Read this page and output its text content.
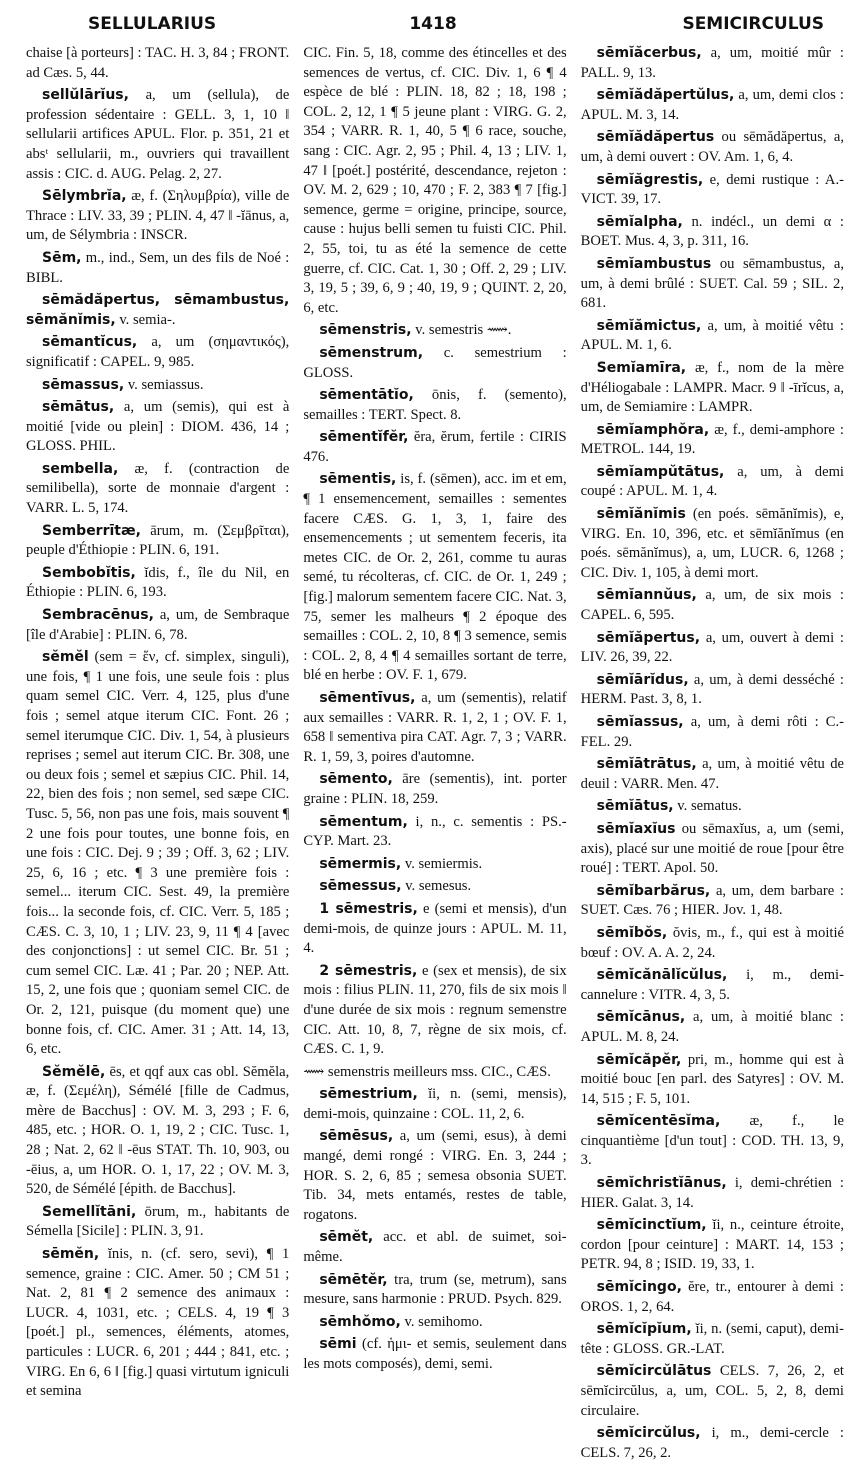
SELLULARIUS	1418	SEMICIRCULUS

chaise [à porteurs] : TAC. H. 3, 84 ; FRONT. ad Cæs. 5, 44.

sellŭlārĭus, a, um (sellula), de profession sédentaire : GELL. 3, 1, 10 ‖ sellularii artifices APUL. Flor. p. 351, 21 et absᵗ sellularii, m., ouvriers qui travaillent assis : CIC. d. AUG. Pelag. 2, 27.

Sēlymbrĭa, æ, f. (Σηλυμβρία), ville de Thrace : LIV. 33, 39 ; PLIN. 4, 47 ‖ -ĭānus, a, um, de Sélymbria : INSCR.

Sēm, m., ind., Sem, un des fils de Noé : BIBL.

sēmădăpertus, sēmambustus, sēmănĭmis, v. semia-.

sēmantĭcus, a, um (σημαντικός), significatif : CAPEL. 9, 985.

sēmassus, v. semiassus.

sēmātus, a, um (semis), qui est à moitié [vide ou plein] : DIOM. 436, 14 ; GLOSS. PHIL.

sembella, æ, f. (contraction de semilibella), sorte de monnaie d'argent : VARR. L. 5, 174.

Semberrītæ, ārum, m. (Σεμβρῖται), peuple d'Éthiopie : PLIN. 6, 191.

Sembobĭtis, ĭdis, f., île du Nil, en Éthiopie : PLIN. 6, 193.

Sembracēnus, a, um, de Sembraque [île d'Arabie] : PLIN. 6, 78.

sĕmĕl (sem = ἕν, cf. simplex, singuli), une fois, ¶ 1 une fois, une seule fois : plus quam semel CIC. Verr. 4, 125, plus d'une fois ; semel atque iterum CIC. Font. 26 ; semel iterumque CIC. Div. 1, 54, à plusieurs reprises ; semel aut iterum CIC. Br. 308, une ou deux fois ; semel et sæpius CIC. Phil. 14, 22, bien des fois ; non semel, sed sæpe CIC. Tusc. 5, 56, non pas une fois, mais souvent ¶ 2 une fois pour toutes, une bonne fois, en une fois : CIC. Dej. 9 ; 39 ; Off. 3, 62 ; LIV. 25, 6, 16 ; etc. ¶ 3 une première fois : semel... iterum CIC. Sest. 49, la première fois... la seconde fois, cf. CIC. Verr. 5, 185 ; CÆS. C. 3, 10, 1 ; LIV. 23, 9, 11 ¶ 4 [avec des conjonctions] : ut semel CIC. Br. 51 ; cum semel CIC. Læ. 41 ; Par. 20 ; NEP. Att. 15, 2, une fois que ; quoniam semel CIC. de Or. 2, 121, puisque (du moment que) une bonne fois, cf. CIC. Amer. 31 ; Att. 14, 13, 6, etc.

Sĕmĕlē, ēs, et qqf aux cas obl. Sĕmĕla, æ, f. (Σεμέλη), Sémélé [fille de Cadmus, mère de Bacchus] : OV. M. 3, 293 ; F. 6, 485, etc. ; HOR. O. 1, 19, 2 ; CIC. Tusc. 1, 28 ; Nat. 2, 62 ‖ -ēus STAT. Th. 10, 903, ou -ēius, a, um HOR. O. 1, 17, 22 ; OV. M. 3, 520, de Sémélé [épith. de Bacchus].

Semellĭtāni, ōrum, m., habitants de Sémella [Sicile] : PLIN. 3, 91.

sēmĕn, ĭnis, n. (cf. sero, sevi), ¶ 1 semence, graine : CIC. Amer. 50 ; CM 51 ; Nat. 2, 81 ¶ 2 semence des animaux : LUCR. 4, 1031, etc. ; CELS. 4, 19 ¶ 3 [poét.] pl., semences, éléments, atomes, particules : LUCR. 6, 201 ; 444 ; 841, etc. ; VIRG. En 6, 6 ‖ [fig.] quasi virtutum igniculi et semina

CIC. Fin. 5, 18, comme des étincelles et des semences de vertus, cf. CIC. Div. 1, 6 ¶ 4 espèce de blé : PLIN. 18, 82 ; 18, 198 ; COL. 2, 12, 1 ¶ 5 jeune plant : VIRG. G. 2, 354 ; VARR. R. 1, 40, 5 ¶ 6 race, souche, sang : CIC. Agr. 2, 95 ; Phil. 4, 13 ; LIV. 1, 47 ‖ [poét.] postérité, descendance, rejeton : OV. M. 2, 629 ; 10, 470 ; F. 2, 383 ¶ 7 [fig.] semence, germe = origine, principe, source, cause : hujus belli semen tu fuisti CIC. Phil. 2, 55, toi, tu as été la semence de cette guerre, cf. CIC. Cat. 1, 30 ; Off. 2, 29 ; LIV. 3, 19, 5 ; 39, 6, 9 ; 40, 19, 9 ; QUINT. 2, 20, 6, etc.

sēmenstris, v. semestris ⟿.

sēmenstrum, c. semestrium : GLOSS.

sēmentātĭo, ōnis, f. (semento), semailles : TERT. Spect. 8.

sēmentĭfĕr, ĕra, ĕrum, fertile : CIRIS 476.

sēmentis, is, f. (sēmen), acc. im et em, ¶ 1 ensemencement, semailles : sementes facere CÆS. G. 1, 3, 1, faire des ensemencements ; ut sementem feceris, ita metes CIC. de Or. 2, 261, comme tu auras semé, tu récolteras, cf. CIC. de Or. 1, 249 ; [fig.] malorum sementem facere CIC. Nat. 3, 75, semer les malheurs ¶ 2 époque des semailles : COL. 2, 10, 8 ¶ 3 semence, semis : COL. 2, 8, 4 ¶ 4 semailles sortant de terre, blé en herbe : OV. F. 1, 679.

sēmentīvus, a, um (sementis), relatif aux semailles : VARR. R. 1, 2, 1 ; OV. F. 1, 658 ‖ sementiva pira CAT. Agr. 7, 3 ; VARR. R. 1, 59, 3, poires d'automne.

sēmento, āre (sementis), int. porter graine : PLIN. 18, 259.

sēmentum, i, n., c. sementis : PS.-CYP. Mart. 23.

sēmermis, v. semiermis.

sēmessus, v. semesus.

1 sēmestris, e (semi et mensis), d'un demi-mois, de quinze jours : APUL. M. 11, 4.

2 sēmestris, e (sex et mensis), de six mois : filius PLIN. 11, 270, fils de six mois ‖ d'une durée de six mois : regnum semenstre CIC. Att. 10, 8, 7, règne de six mois, cf. CÆS. C. 1, 9.

⟿ semenstris meilleurs mss. CIC., CÆS.

sēmestrium, ĭi, n. (semi, mensis), demi-mois, quinzaine : COL. 11, 2, 6.

sēmēsus, a, um (semi, esus), à demi mangé, demi rongé : VIRG. En. 3, 244 ; HOR. S. 2, 6, 85 ; semesa obsonia SUET. Tib. 34, mets entamés, restes de table, rogatons.

sēmĕt, acc. et abl. de suimet, soi-même.

sēmētĕr, tra, trum (se, metrum), sans mesure, sans harmonie : PRUD. Psych. 829.

sēmhŏmo, v. semihomo.

sēmi (cf. ἡμι- et semis, seulement dans les mots composés), demi, semi.

sēmĭăcerbus, a, um, moitié mûr : PALL. 9, 13.

sēmĭădăpertŭlus, a, um, demi clos : APUL. M. 3, 14.

sēmĭădăpertus ou sēmădăpertus, a, um, à demi ouvert : OV. Am. 1, 6, 4.

sēmĭăgrestis, e, demi rustique : A.-VICT. 39, 17.

sēmĭalpha, n. indécl., un demi α : BOET. Mus. 4, 3, p. 311, 16.

sēmĭambustus ou sēmambustus, a, um, à demi brûlé : SUET. Cal. 59 ; SIL. 2, 681.

sēmĭămictus, a, um, à moitié vêtu : APUL. M. 1, 6.

Semĭamīra, æ, f., nom de la mère d'Héliogabale : LAMPR. Macr. 9 ‖ -īrĭcus, a, um, de Semiamire : LAMPR.

sēmĭamphŏra, æ, f., demi-amphore : METROL. 144, 19.

sēmĭampŭtātus, a, um, à demi coupé : APUL. M. 1, 4.

sēmĭănĭmis (en poés. sēmănĭmis), e, VIRG. En. 10, 396, etc. et sēmĭănĭmus (en poés. sēmănĭmus), a, um, LUCR. 6, 1268 ; CIC. Div. 1, 105, à demi mort.

sēmĭannŭus, a, um, de six mois : CAPEL. 6, 595.

sēmĭăpertus, a, um, ouvert à demi : LIV. 26, 39, 22.

sēmĭārĭdus, a, um, à demi desséché : HERM. Past. 3, 8, 1.

sēmĭassus, a, um, à demi rôti : C.-FEL. 29.

sēmĭātrātus, a, um, à moitié vêtu de deuil : VARR. Men. 47.

sēmĭātus, v. sematus.

sēmĭaxĭus ou sēmaxĭus, a, um (semi, axis), placé sur une moitié de roue [pour être roué] : TERT. Apol. 50.

sēmĭbarbărus, a, um, dem barbare : SUET. Cæs. 76 ; HIER. Jov. 1, 48.

sēmĭbŏs, ŏvis, m., f., qui est à moitié bœuf : OV. A. A. 2, 24.

sēmĭcănālĭcŭlus, i, m., demi-cannelure : VITR. 4, 3, 5.

sēmĭcānus, a, um, à moitié blanc : APUL. M. 8, 24.

sēmĭcăpĕr, pri, m., homme qui est à moitié bouc [en parl. des Satyres] : OV. M. 14, 515 ; F. 5, 101.

sēmĭcentēsĭma, æ, f., le cinquantième [d'un tout] : COD. TH. 13, 9, 3.

sēmĭchristĭānus, i, demi-chrétien : HIER. Galat. 3, 14.

sēmĭcinctĭum, ĭi, n., ceinture étroite, cordon [pour ceinture] : MART. 14, 153 ; PETR. 94, 8 ; ISID. 19, 33, 1.

sēmĭcingo, ĕre, tr., entourer à demi : OROS. 1, 2, 64.

sēmĭcĭpĭum, ĭi, n. (semi, caput), demi-tête : GLOSS. GR.-LAT.

sēmĭcircŭlātus CELS. 7, 26, 2, et sēmĭcircŭlus, a, um, COL. 5, 2, 8, demi circulaire.

sēmĭcircŭlus, i, m., demi-cercle : CELS. 7, 26, 2.
